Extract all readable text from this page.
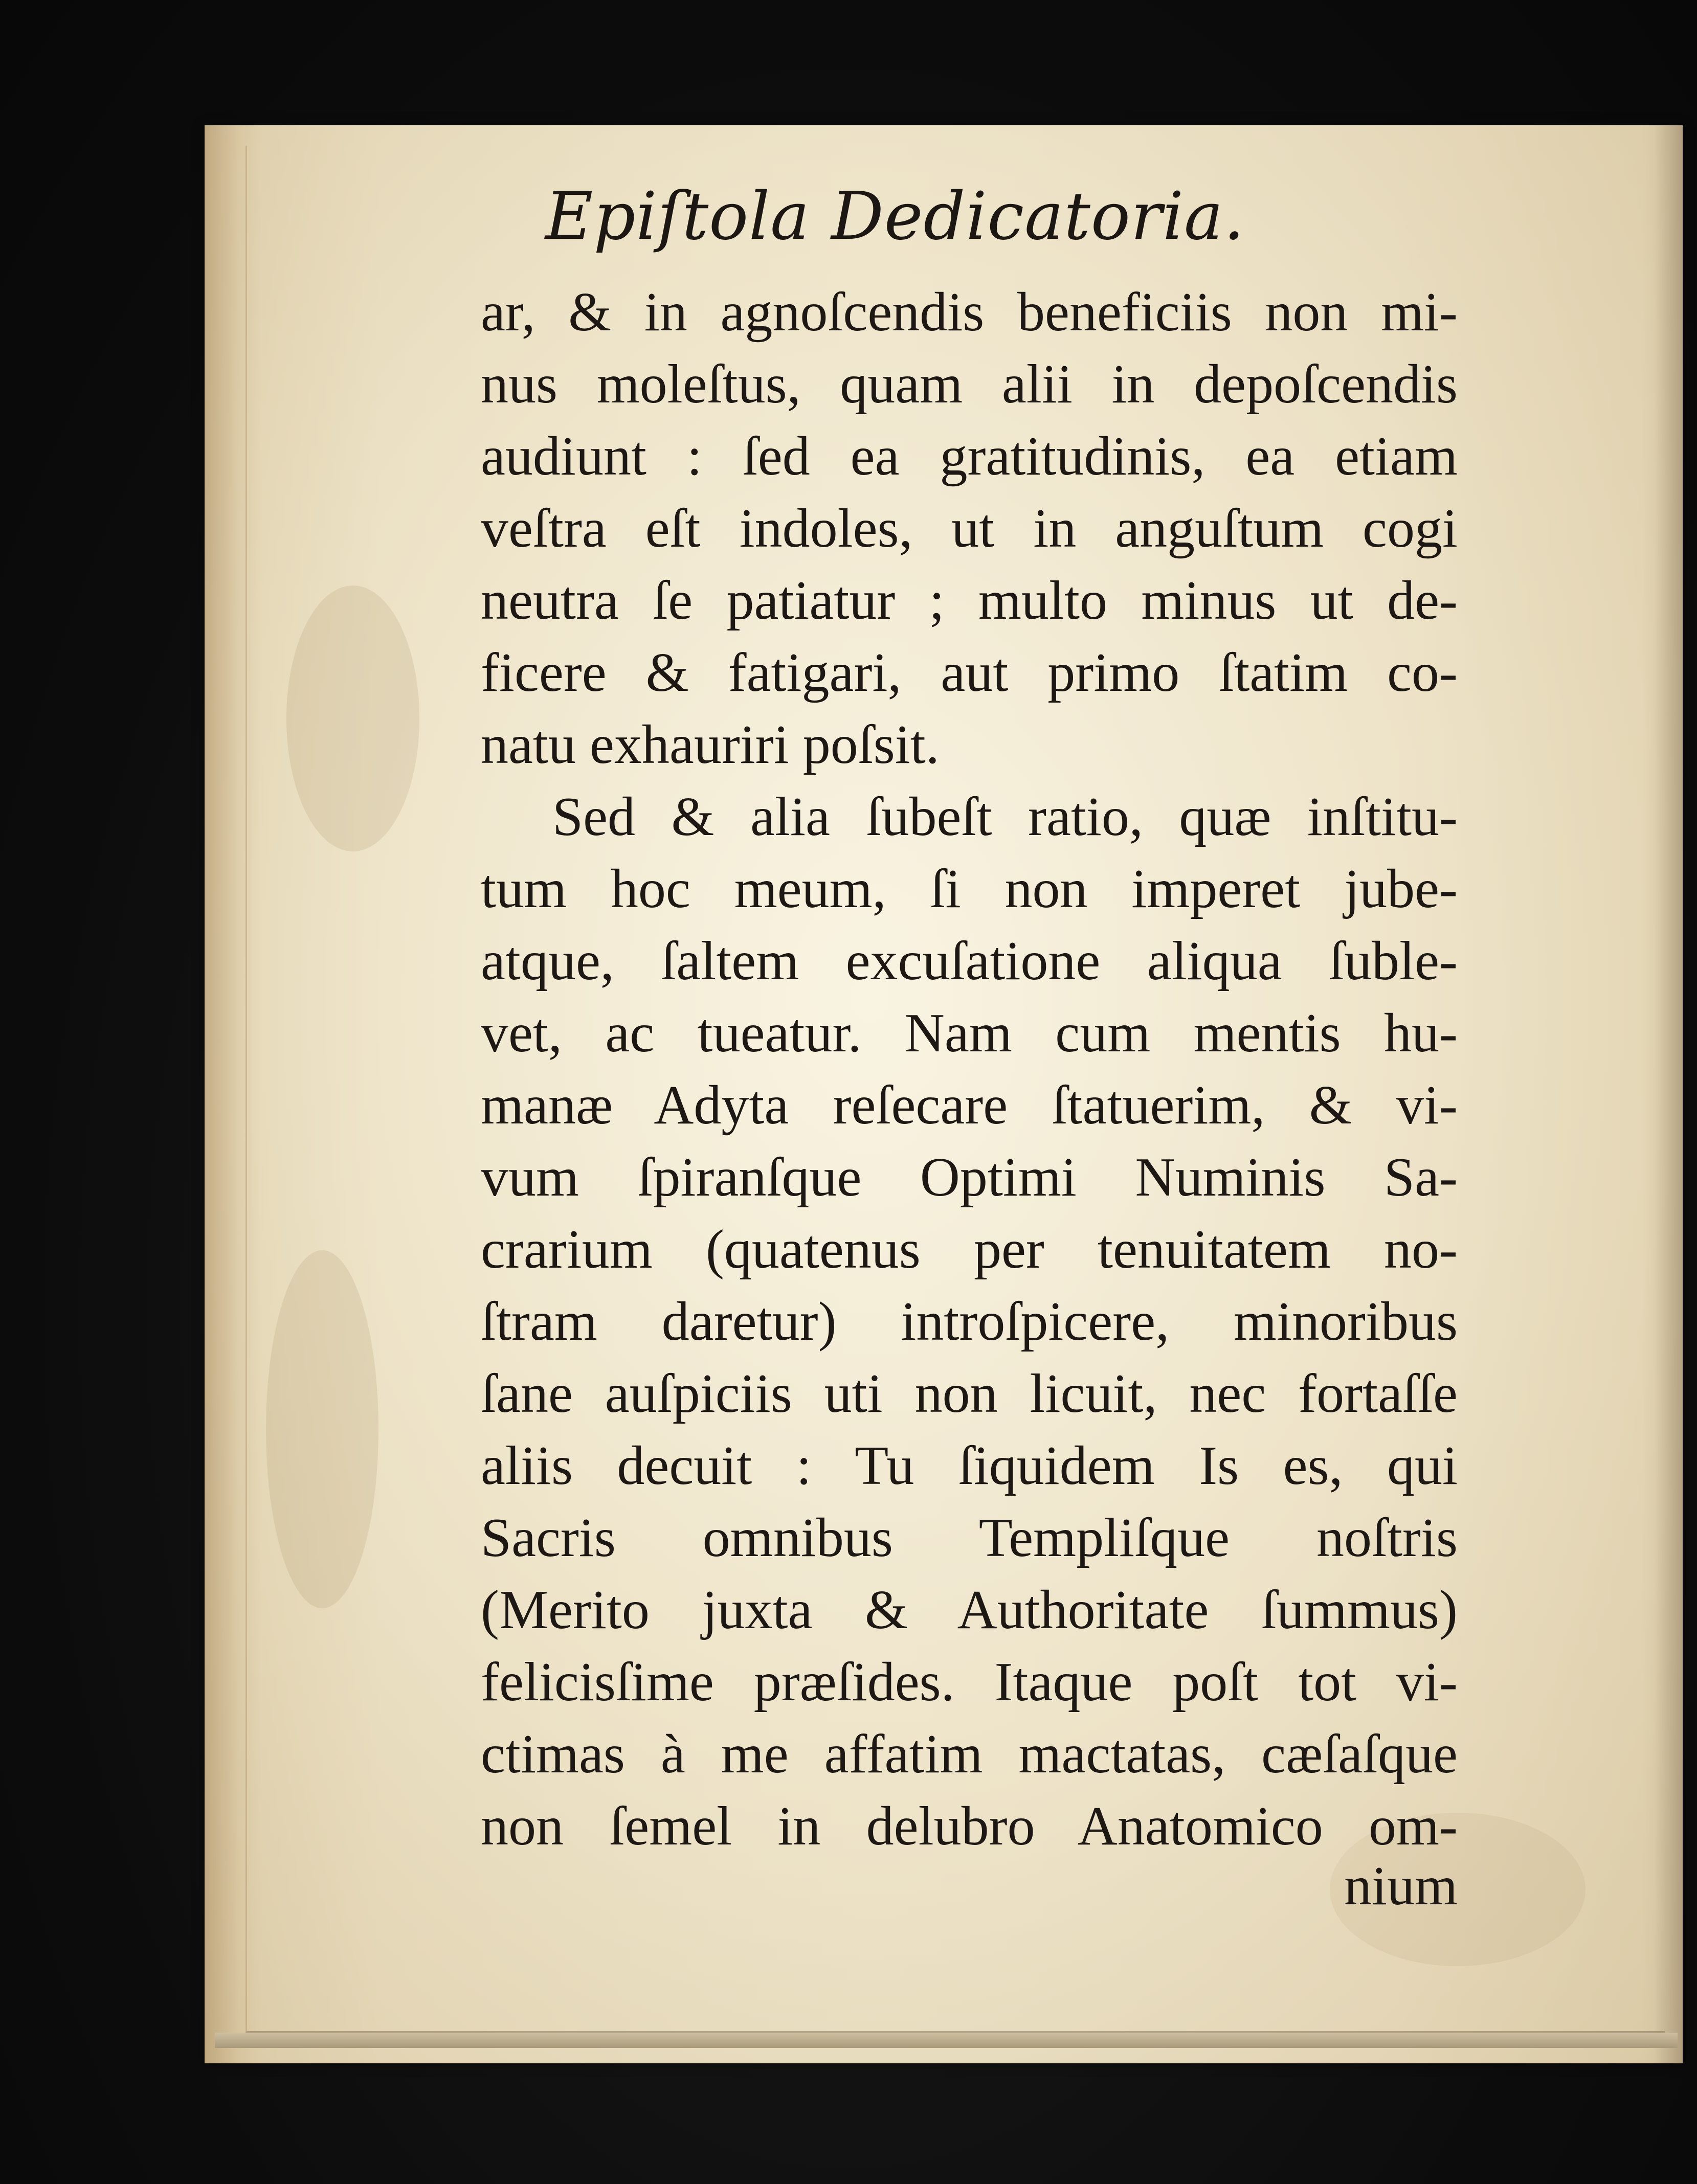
Epiſtola Dedicatoria.
ar, & in agnoſcendis beneficiis non mi-
nus moleſtus, quam alii in depoſcendis
audiunt : ſed ea gratitudinis, ea etiam
veſtra eſt indoles, ut in anguſtum cogi
neutra ſe patiatur ; multo minus ut de-
ficere & fatigari, aut primo ſtatim co-
natu exhauriri poſsit.
Sed & alia ſubeſt ratio, quæ inſtitu-
tum hoc meum, ſi non imperet jube-
atque, ſaltem excuſatione aliqua ſuble-
vet, ac tueatur. Nam cum mentis hu-
manæ Adyta reſecare ſtatuerim, & vi-
vum ſpiranſque Optimi Numinis Sa-
crarium (quatenus per tenuitatem no-
ſtram daretur) introſpicere, minoribus
ſane auſpiciis uti non licuit, nec fortaſſe
aliis decuit : Tu ſiquidem Is es, qui
Sacris omnibus Templiſque noſtris
(Merito juxta & Authoritate ſummus)
felicisſime præſides. Itaque poſt tot vi-
ctimas à me affatim mactatas, cæſaſque
non ſemel in delubro Anatomico om-
nium
